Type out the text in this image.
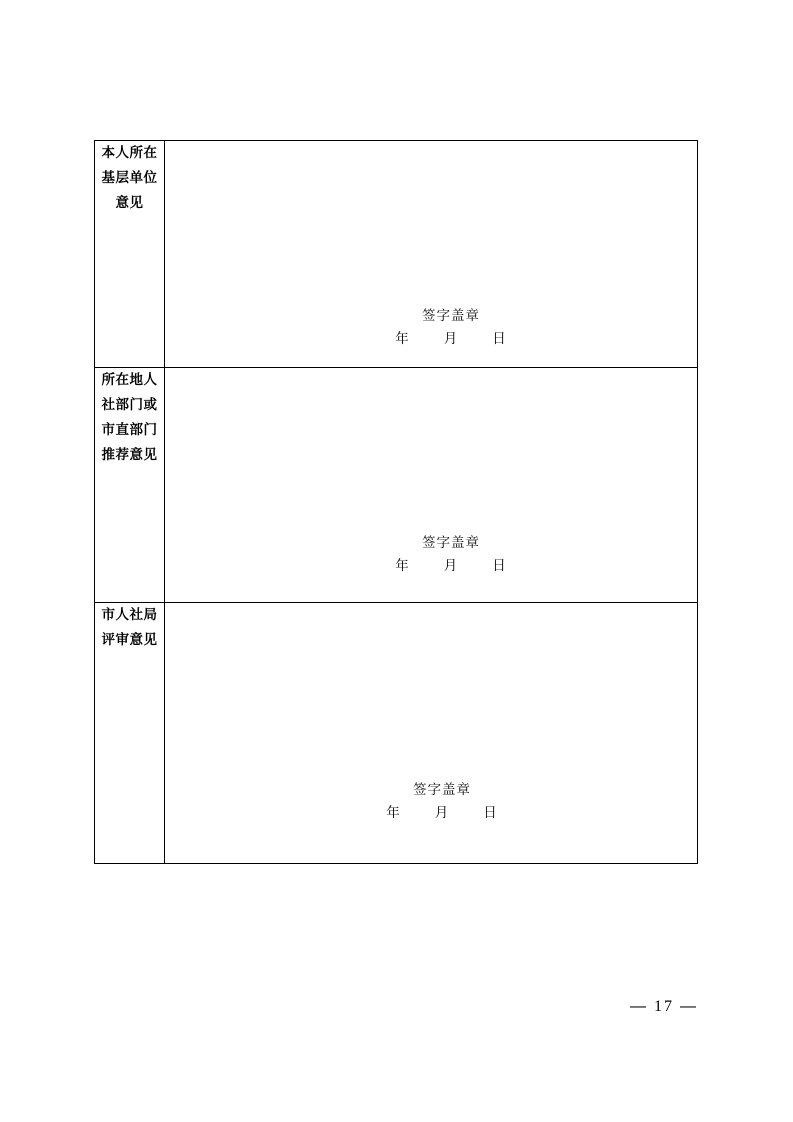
本人所在基层单位意见	签字盖章
年 月 日

所在地人社部门或市直部门推荐意见	签字盖章
年 月 日

市人社局评审意见	签字盖章
年 月 日
— 17 —
